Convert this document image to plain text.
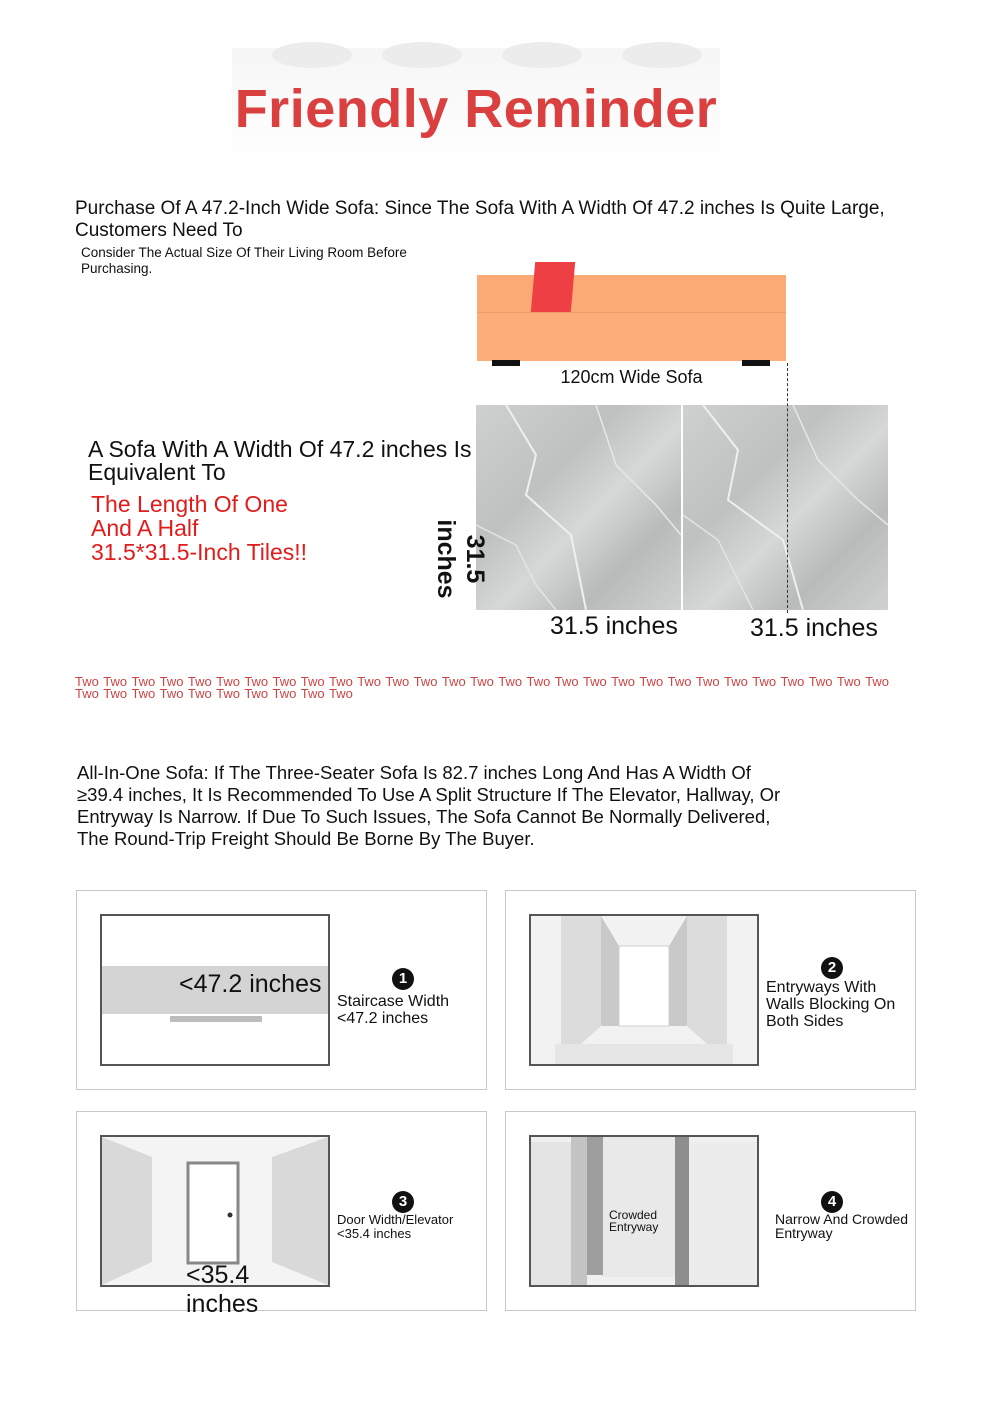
Friendly Reminder
Purchase Of A 47.2-Inch Wide Sofa: Since The Sofa With A Width Of 47.2 inches Is Quite Large, Customers Need To
Consider The Actual Size Of Their Living Room Before Purchasing.
120cm Wide Sofa
A Sofa With A Width Of 47.2 inches Is Equivalent To
The Length Of One
And A Half
31.5*31.5-Inch Tiles!!	31.5 inches
31.5 inches	31.5 inches
Two Two Two Two Two Two Two Two Two Two Two Two Two Two Two Two Two Two Two Two Two Two Two Two Two Two Two Two Two Two Two Two Two Two Two Two Two Two Two
All-In-One Sofa: If The Three-Seater Sofa Is 82.7 inches Long And Has A Width Of ≥39.4 inches, It Is Recommended To Use A Split Structure If The Elevator, Hallway, Or Entryway Is Narrow. If Due To Such Issues, The Sofa Cannot Be Normally Delivered, The Round-Trip Freight Should Be Borne By The Buyer.
<47.2 inches	1
Staircase Width <47.2 inches
2
Entryways With Walls Blocking On Both Sides
<35.4 inches
3
Door Width/Elevator <35.4 inches
Crowded Entryway
4
Narrow And Crowded Entryway
